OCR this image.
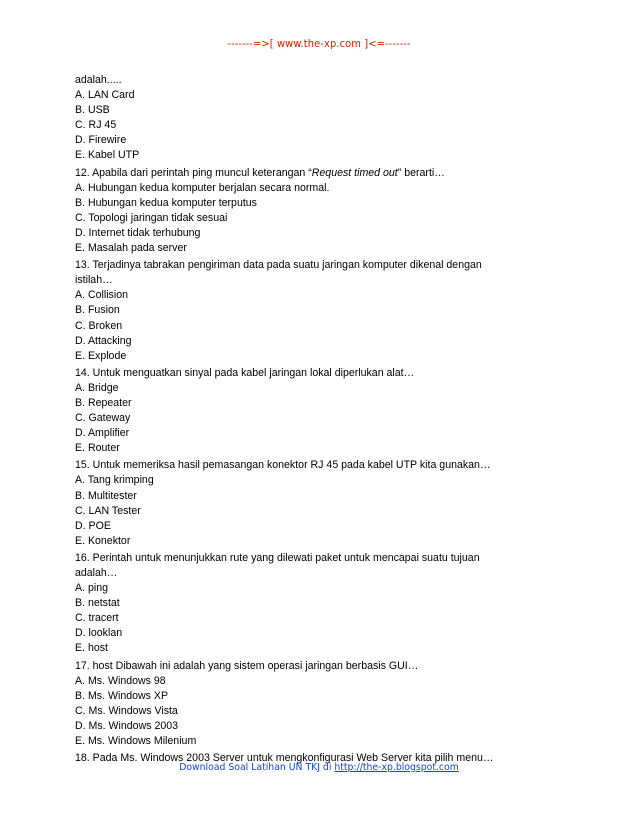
-------=>[ www.the-xp.com ]<=-------
adalah.....
A. LAN Card
B. USB
C. RJ 45
D. Firewire
E. Kabel UTP
12. Apabila dari perintah ping muncul keterangan “Request timed out” berarti…
A. Hubungan kedua komputer berjalan secara normal.
B. Hubungan kedua komputer terputus
C. Topologi jaringan tidak sesuai
D. Internet tidak terhubung
E. Masalah pada server
13. Terjadinya tabrakan pengiriman data pada suatu jaringan komputer dikenal dengan
istilah…
A. Collision
B. Fusion
C. Broken
D. Attacking
E. Explode
14. Untuk menguatkan sinyal pada kabel jaringan lokal diperlukan alat…
A. Bridge
B. Repeater
C. Gateway
D. Amplifier
E. Router
15. Untuk memeriksa hasil pemasangan konektor RJ 45 pada kabel UTP kita gunakan…
A. Tang krimping
B. Multitester
C. LAN Tester
D. POE
E. Konektor
16. Perintah untuk menunjukkan rute yang dilewati paket untuk mencapai suatu tujuan
adalah…
A. ping
B. netstat
C. tracert
D. looklan
E. host
17. host Dibawah ini adalah yang sistem operasi jaringan berbasis GUI…
A. Ms. Windows 98
B. Ms. Windows XP
C. Ms. Windows Vista
D. Ms. Windows 2003
E. Ms. Windows Milenium
18. Pada Ms. Windows 2003 Server untuk mengkonfigurasi Web Server kita pilih menu…
Download Soal Latihan UN TKJ di http://the-xp.blogspot.com
